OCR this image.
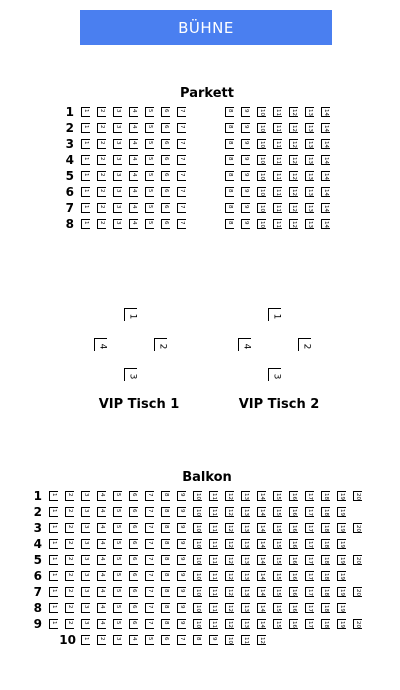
BÜHNE
Parkett
1 1 2 3 4 5 6 7	8 9 10 11 12 13 14
2 1 2 3 4 5 6 7	8 9 10 11 12 13 14
3 1 2 3 4 5 6 7	8 9 10 11 12 13 14
4 1 2 3 4 5 6 7	8 9 10 11 12 13 14
5 1 2 3 4 5 6 7	8 9 10 11 12 13 14
6 1 2 3 4 5 6 7	8 9 10 11 12 13 14
7 1 2 3 4 5 6 7	8 9 10 11 12 13 14
8 1 2 3 4 5 6 7	8 9 10 11 12 13 14
1
2
3
4
VIP Tisch 1
1
2
3
4
VIP Tisch 2
Balkon
1 1 2 3 4 5 6 7 8 9 10 11 12 13 14 15 16 17 18 19 20
2 1 2 3 4 5 6 7 8 9 10 11 12 13 14 15 16 17 18 19
3 1 2 3 4 5 6 7 8 9 10 11 12 13 14 15 16 17 18 19 20
4 1 2 3 4 5 6 7 8 9 10 11 12 13 14 15 16 17 18 19
5 1 2 3 4 5 6 7 8 9 10 11 12 13 14 15 16 17 18 19 20
6 1 2 3 4 5 6 7 8 9 10 11 12 13 14 15 16 17 18 19
7 1 2 3 4 5 6 7 8 9 10 11 12 13 14 15 16 17 18 19 20
8 1 2 3 4 5 6 7 8 9 10 11 12 13 14 15 16 17 18 19
9 1 2 3 4 5 6 7 8 9 10 11 12 13 14 15 16 17 18 19 20
10 1 2 3 4 5 6 7 8 9 10 11 12
